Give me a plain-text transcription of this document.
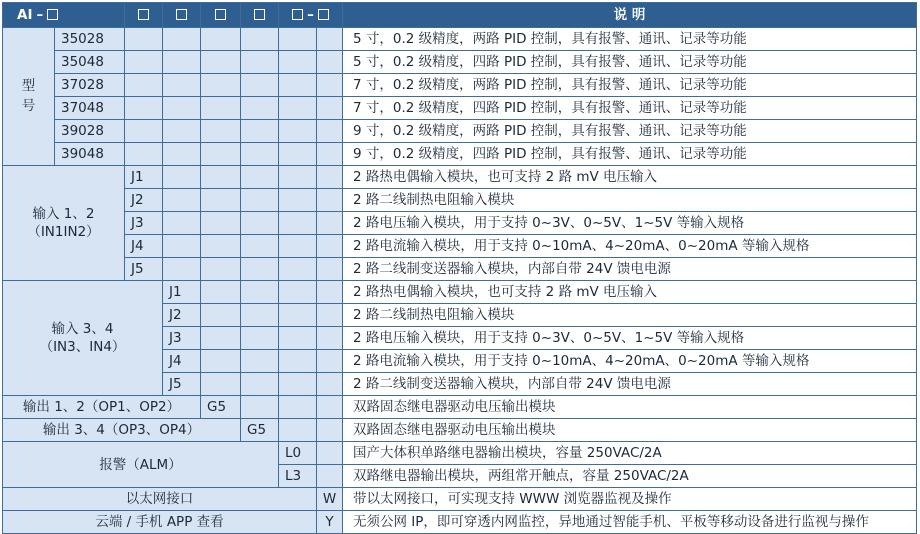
AI –						–		说 明

型
号	35028							5 寸，0.2 级精度，两路 PID 控制，具有报警、通讯、记录等功能
	35048							5 寸，0.2 级精度，四路 PID 控制，具有报警、通讯、记录等功能
	37028							7 寸，0.2 级精度，两路 PID 控制，具有报警、通讯、记录等功能
	37048							7 寸，0.2 级精度，四路 PID 控制，具有报警、通讯、记录等功能
	39028							9 寸，0.2 级精度，两路 PID 控制，具有报警、通讯、记录等功能
	39048							9 寸，0.2 级精度，四路 PID 控制，具有报警、通讯、记录等功能

输入 1、2
（IN1IN2）		J1						2 路热电偶输入模块，也可支持 2 路 mV 电压输入
		J2						2 路二线制热电阻输入模块
		J3						2 路电压输入模块，用于支持 0~3V、0~5V、1~5V 等输入规格
		J4						2 路电流输入模块，用于支持 0~10mA、4~20mA、0~20mA 等输入规格
		J5						2 路二线制变送器输入模块，内部自带 24V 馈电电源

输入 3、4
（IN3、IN4）			J1					2 路热电偶输入模块，也可支持 2 路 mV 电压输入
			J2					2 路二线制热电阻输入模块
			J3					2 路电压输入模块，用于支持 0~3V、0~5V、1~5V 等输入规格
			J4					2 路电流输入模块，用于支持 0~10mA、4~20mA、0~20mA 等输入规格
			J5					2 路二线制变送器输入模块，内部自带 24V 馈电电源
输出 1、2（OP1、OP2）				G5				双路固态继电器驱动电压输出模块
输出 3、4（OP3、OP4）					G5			双路固态继电器驱动电压输出模块
报警（ALM）						L0		国产大体积单路继电器输出模块，容量 250VAC/2A
						L3		双路继电器输出模块，两组常开触点，容量 250VAC/2A
以太网接口							W	带以太网接口，可实现支持 WWW 浏览器监视及操作
云端 / 手机 APP 查看							Y	无须公网 IP，即可穿透内网监控，异地通过智能手机、平板等移动设备进行监视与操作
